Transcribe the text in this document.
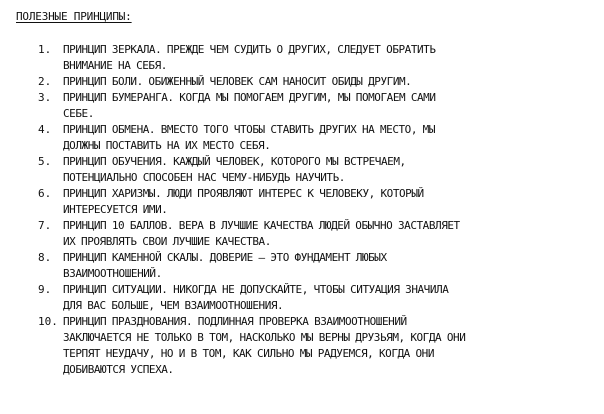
ПОЛЕЗНЫЕ ПРИНЦИПЫ:
1.	ПРИНЦИП ЗЕРКАЛА. ПРЕЖДЕ ЧЕМ СУДИТЬ О ДРУГИХ, СЛЕДУЕТ ОБРАТИТЬ
ВНИМАНИЕ НА СЕБЯ.
2.	ПРИНЦИП БОЛИ. ОБИЖЕННЫЙ ЧЕЛОВЕК САМ НАНОСИТ ОБИДЫ ДРУГИМ.
3.	ПРИНЦИП БУМЕРАНГА. КОГДА МЫ ПОМОГАЕМ ДРУГИМ, МЫ ПОМОГАЕМ САМИ
СЕБЕ.
4.	ПРИНЦИП ОБМЕНА. ВМЕСТО ТОГО ЧТОБЫ СТАВИТЬ ДРУГИХ НА МЕСТО, МЫ
ДОЛЖНЫ ПОСТАВИТЬ НА ИХ МЕСТО СЕБЯ.
5.	ПРИНЦИП ОБУЧЕНИЯ. КАЖДЫЙ ЧЕЛОВЕК, КОТОРОГО МЫ ВСТРЕЧАЕМ,
ПОТЕНЦИАЛЬНО СПОСОБЕН НАС ЧЕМУ-НИБУДЬ НАУЧИТЬ.
6.	ПРИНЦИП ХАРИЗМЫ. ЛЮДИ ПРОЯВЛЯЮТ ИНТЕРЕС К ЧЕЛОВЕКУ, КОТОРЫЙ
ИНТЕРЕСУЕТСЯ ИМИ.
7.	ПРИНЦИП 10 БАЛЛОВ. ВЕРА В ЛУЧШИЕ КАЧЕСТВА ЛЮДЕЙ ОБЫЧНО ЗАСТАВЛЯЕТ
ИХ ПРОЯВЛЯТЬ СВОИ ЛУЧШИЕ КАЧЕСТВА.
8.	ПРИНЦИП КАМЕННОЙ СКАЛЫ. ДОВЕРИЕ — ЭТО ФУНДАМЕНТ ЛЮБЫХ
ВЗАИМООТНОШЕНИЙ.
9.	ПРИНЦИП СИТУАЦИИ. НИКОГДА НЕ ДОПУСКАЙТЕ, ЧТОБЫ СИТУАЦИЯ ЗНАЧИЛА
ДЛЯ ВАС БОЛЬШЕ, ЧЕМ ВЗАИМООТНОШЕНИЯ.
10. ПРИНЦИП ПРАЗДНОВАНИЯ. ПОДЛИННАЯ ПРОВЕРКА ВЗАИМООТНОШЕНИЙ
ЗАКЛЮЧАЕТСЯ НЕ ТОЛЬКО В ТОМ, НАСКОЛЬКО МЫ ВЕРНЫ ДРУЗЬЯМ, КОГДА ОНИ
ТЕРПЯТ НЕУДАЧУ, НО И В ТОМ, КАК СИЛЬНО МЫ РАДУЕМСЯ, КОГДА ОНИ
ДОБИВАЮТСЯ УСПЕХА.
